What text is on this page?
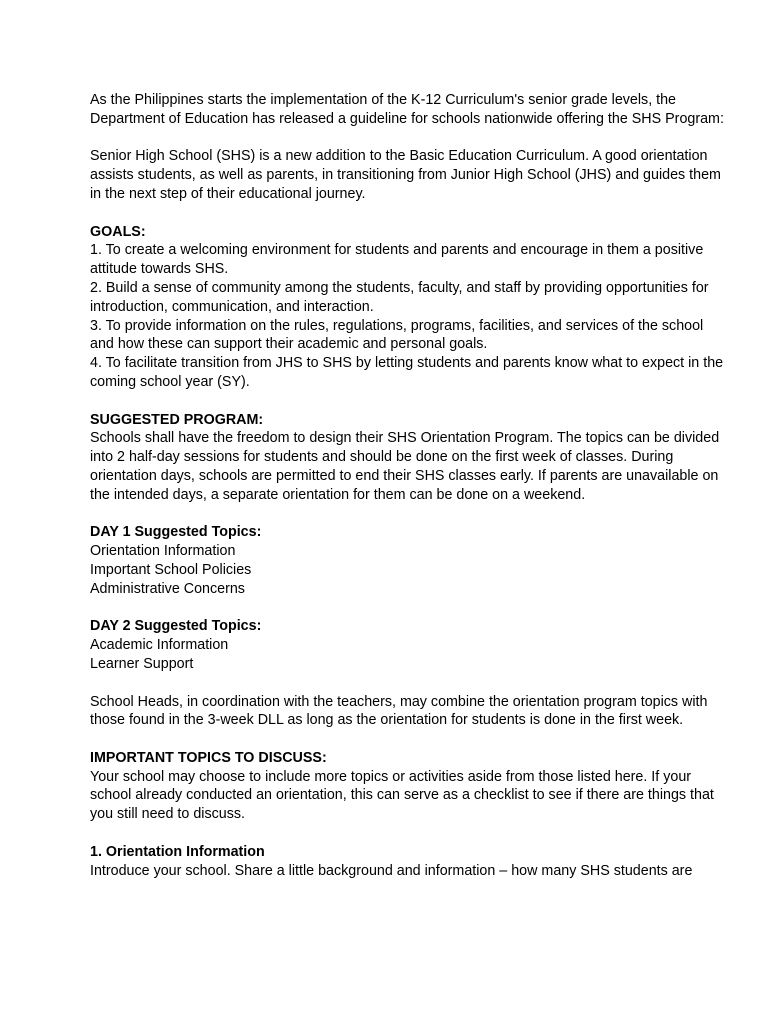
As the Philippines starts the implementation of the K-12 Curriculum's senior grade levels, the Department of Education has released a guideline for schools nationwide offering the SHS Program:

Senior High School (SHS) is a new addition to the Basic Education Curriculum. A good orientation assists students, as well as parents, in transitioning from Junior High School (JHS) and guides them in the next step of their educational journey.

GOALS:
1. To create a welcoming environment for students and parents and encourage in them a positive attitude towards SHS.
2. Build a sense of community among the students, faculty, and staff by providing opportunities for introduction, communication, and interaction.
3. To provide information on the rules, regulations, programs, facilities, and services of the school and how these can support their academic and personal goals.
4. To facilitate transition from JHS to SHS by letting students and parents know what to expect in the coming school year (SY).
SUGGESTED PROGRAM:
Schools shall have the freedom to design their SHS Orientation Program. The topics can be divided into 2 half-day sessions for students and should be done on the first week of classes. During orientation days, schools are permitted to end their SHS classes early. If parents are unavailable on the intended days, a separate orientation for them can be done on a weekend.
DAY 1 Suggested Topics:
Orientation Information
Important School Policies
Administrative Concerns
DAY 2 Suggested Topics:
Academic Information
Learner Support

School Heads, in coordination with the teachers, may combine the orientation program topics with those found in the 3-week DLL as long as the orientation for students is done in the first week.

IMPORTANT TOPICS TO DISCUSS:
Your school may choose to include more topics or activities aside from those listed here. If your school already conducted an orientation, this can serve as a checklist to see if there are things that you still need to discuss.
1. Orientation Information
Introduce your school. Share a little background and information – how many SHS students are
